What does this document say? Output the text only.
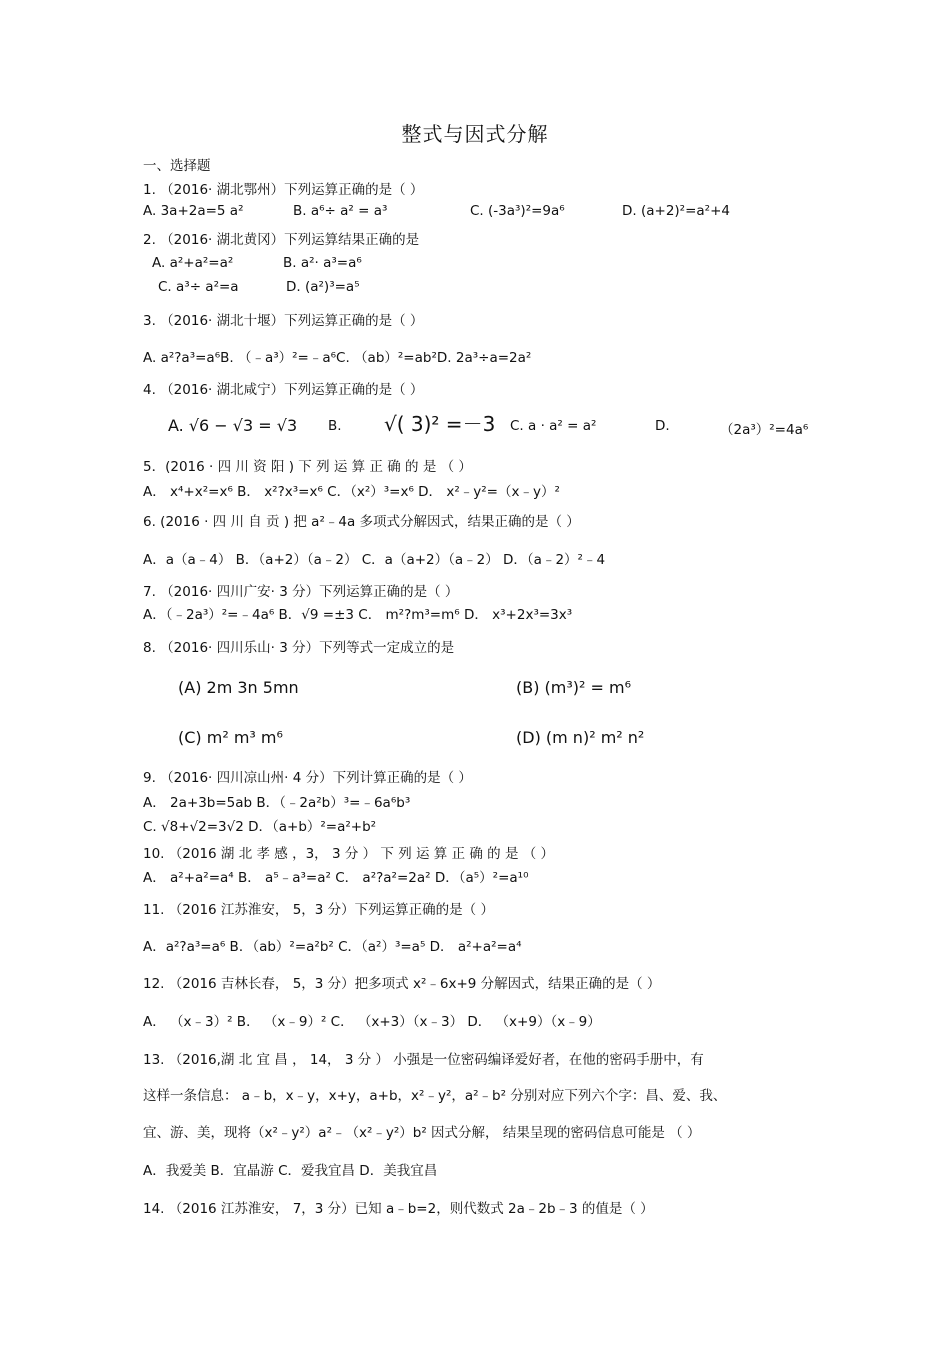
整式与因式分解
一、选择题
1. （2016· 湖北鄂州）下列运算正确的是（ ）
A. 3a+2a=5 a²	B. a⁶÷ a² = a³	C. (-3a³)²=9a⁶	D. (a+2)²=a²+4
2. （2016· 湖北黄冈）下列运算结果正确的是
A. a²+a²=a²	B. a²· a³=a⁶
C. a³÷ a²=a	D. (a²)³=a⁵
3. （2016· 湖北十堰）下列运算正确的是（ ）
A. a²?a³=a⁶B. （﹣a³）²=﹣a⁶C. （ab）²=ab²D. 2a³÷a=2a²
4. （2016· 湖北咸宁）下列运算正确的是（ ）
A. √6 − √3 = √3 B. √( 3)² =－3 C. a · a² = a²	D.	（2a³）²=4a⁶
5．(2016 · 四 川 资 阳 ) 下 列 运 算 正 确 的 是 （ ）
A． x⁴+x²=x⁶ B． x²?x³=x⁶ C．（x²）³=x⁶ D． x²﹣y²=（x﹣y）²
6. (2016 · 四 川 自 贡 ) 把 a²﹣4a 多项式分解因式，结果正确的是（ ）
A．a（a﹣4） B．（a+2）（a﹣2） C．a（a+2）（a﹣2） D．（a﹣2）²﹣4
7. （2016· 四川广安· 3 分）下列运算正确的是（ ）
A．（﹣2a³）²=﹣4a⁶ B．√9 =±3 C． m²?m³=m⁶ D． x³+2x³=3x³
8. （2016· 四川乐山· 3 分）下列等式一定成立的是
(A) 2m 3n 5mn	(B) (m³)² = m⁶
(C) m² m³ m⁶	(D) (m n)² m² n²
9. （2016· 四川凉山州· 4 分）下列计算正确的是（ ）
A． 2a+3b=5ab B．（﹣2a²b）³=﹣6a⁶b³
C. √8+√2=3√2 D．（a+b）²=a²+b²
10. （2016 湖 北 孝 感 ，3， 3 分 ） 下 列 运 算 正 确 的 是 （ ）
A． a²+a²=a⁴ B． a⁵﹣a³=a² C． a²?a²=2a² D．（a⁵）²=a¹⁰
11. （2016 江苏淮安， 5，3 分）下列运算正确的是（ ）
A．a²?a³=a⁶ B．（ab）²=a²b² C．（a²）³=a⁵ D． a²+a²=a⁴
12. （2016 吉林长春， 5，3 分）把多项式 x²﹣6x+9 分解因式，结果正确的是（ ）
A． （x﹣3）² B． （x﹣9）² C． （x+3）（x﹣3） D． （x+9）（x﹣9）
13. （2016,湖 北 宜 昌 ， 14， 3 分 ） 小强是一位密码编译爱好者，在他的密码手册中，有
这样一条信息： a﹣b，x﹣y，x+y，a+b，x²﹣y²，a²﹣b² 分别对应下列六个字：昌、爱、我、
宜、游、美，现将（x²﹣y²）a²﹣（x²﹣y²）b² 因式分解， 结果呈现的密码信息可能是 （ ）
A．我爱美 B．宜晶游 C．爱我宜昌 D．美我宜昌
14. （2016 江苏淮安， 7，3 分）已知 a﹣b=2，则代数式 2a﹣2b﹣3 的值是（ ）
